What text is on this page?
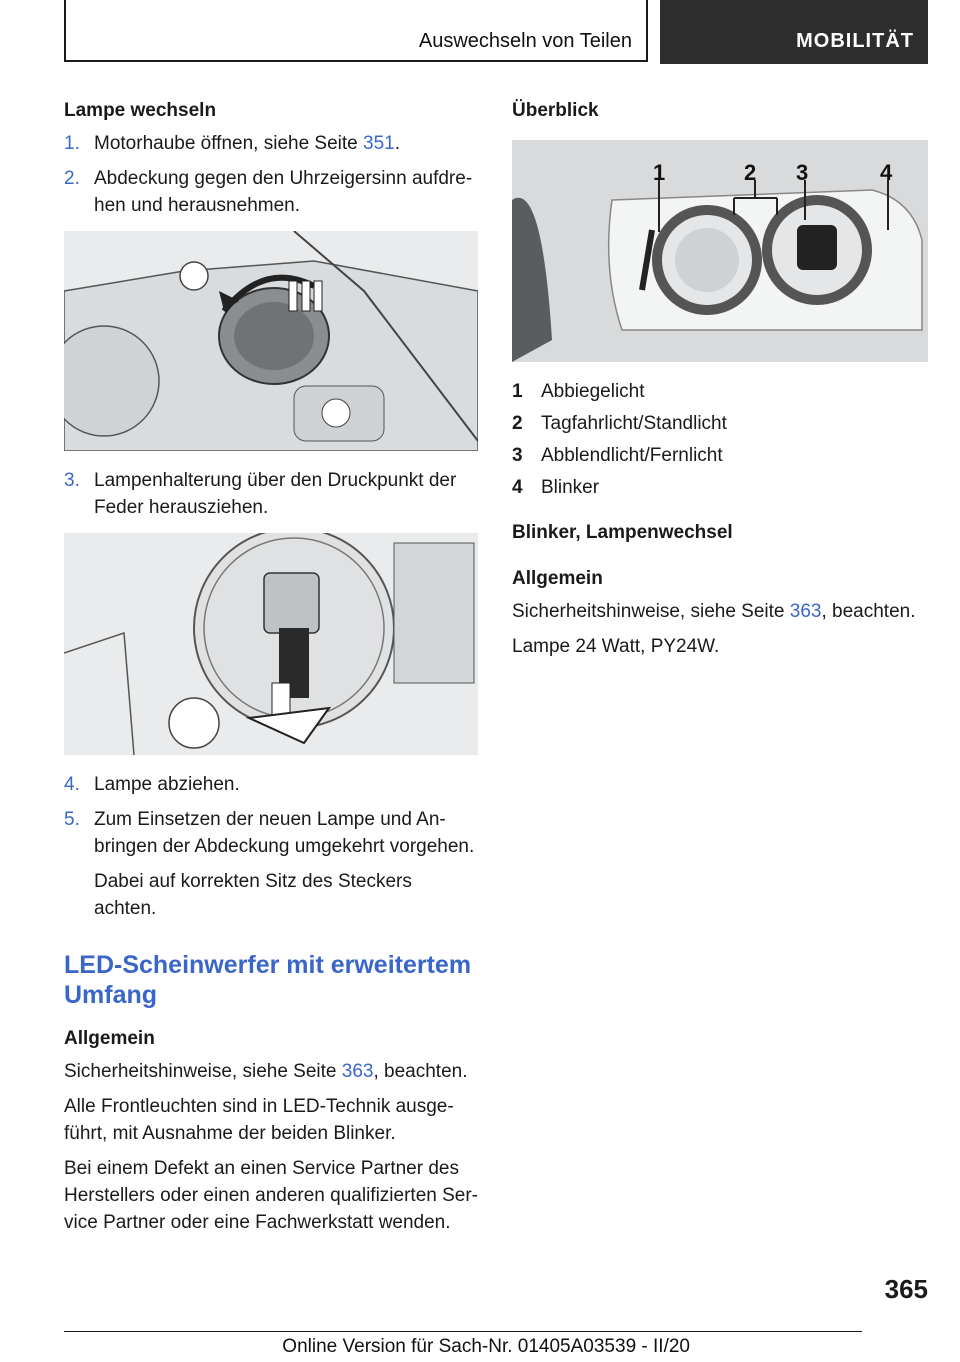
Auswechseln von Teilen	MOBILITÄT
Lampe wechseln
1. Motorhaube öffnen, siehe Seite 351.
2. Abdeckung gegen den Uhrzeigersinn aufdre-hen und herausnehmen.
3. Lampenhalterung über den Druckpunkt der Feder herausziehen.
4. Lampe abziehen.
5. Zum Einsetzen der neuen Lampe und An-bringen der Abdeckung umgekehrt vorgehen.
Dabei auf korrekten Sitz des Steckers achten.
LED-Scheinwerfer mit erweitertem Umfang
Allgemein
Sicherheitshinweise, siehe Seite 363, beachten.
Alle Frontleuchten sind in LED-Technik ausge-führt, mit Ausnahme der beiden Blinker.
Bei einem Defekt an einen Service Partner des Herstellers oder einen anderen qualifizierten Ser-vice Partner oder eine Fachwerkstatt wenden.
Überblick
1	2 3	4
1 Abbiegelicht
2 Tagfahrlicht/Standlicht
3 Abblendlicht/Fernlicht
4 Blinker
Blinker, Lampenwechsel
Allgemein
Sicherheitshinweise, siehe Seite 363, beachten.
Lampe 24 Watt, PY24W.
365
Online Version für Sach-Nr. 01405A03539 - II/20
